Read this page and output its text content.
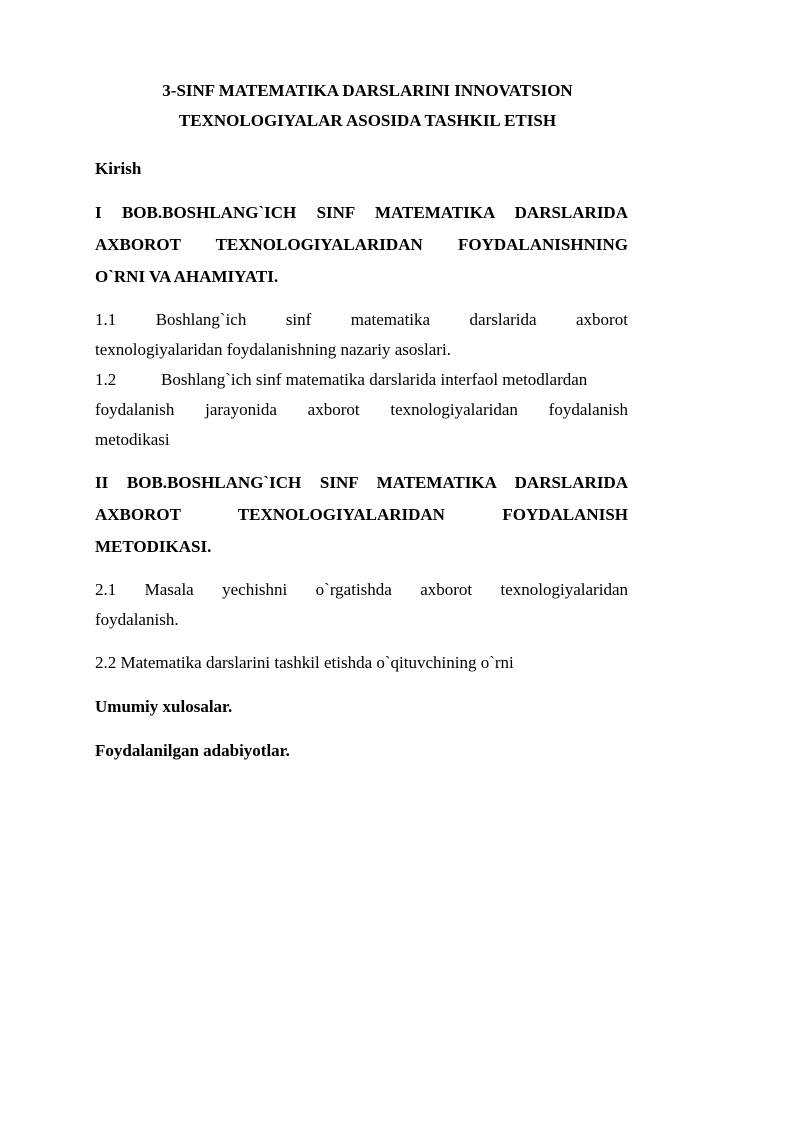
3-SINF MATEMATIKA DARSLARINI INNOVATSION
TEXNOLOGIYALAR ASOSIDA TASHKIL ETISH
Kirish
I BOB.BOSHLANG`ICH SINF MATEMATIKA DARSLARIDA
AXBOROT TEXNOLOGIYALARIDAN FOYDALANISHNING
O`RNI VA AHAMIYATI.
1.1 Boshlang`ich sinf matematika darslarida axborot
texnologiyalaridan foydalanishning nazariy asoslari.
1.2	Boshlang`ich sinf matematika darslarida interfaol metodlardan
foydalanish jarayonida axborot texnologiyalaridan foydalanish
metodikasi
II BOB.BOSHLANG`ICH SINF MATEMATIKA DARSLARIDA
AXBOROT TEXNOLOGIYALARIDAN FOYDALANISH
METODIKASI.
2.1 Masala yechishni o`rgatishda axborot texnologiyalaridan
foydalanish.
2.2 Matematika darslarini tashkil etishda o`qituvchining o`rni
Umumiy xulosalar.
Foydalanilgan adabiyotlar.
